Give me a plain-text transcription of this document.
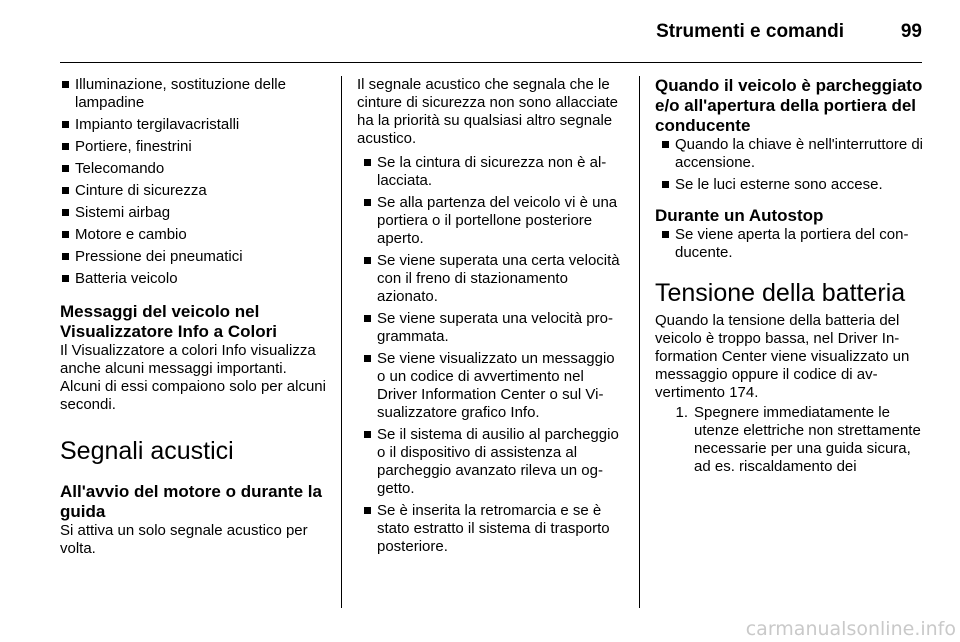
Strumenti e comandi	99
Illuminazione, sostituzione delle lampadine
Impianto tergilavacristalli
Portiere, finestrini
Telecomando
Cinture di sicurezza
Sistemi airbag
Motore e cambio
Pressione dei pneumatici
Batteria veicolo
Messaggi del veicolo nel Visualizzatore Info a Colori

Il Visualizzatore a colori Info visualizza anche alcuni messaggi importanti. Alcuni di essi compaiono solo per alcuni secondi.

Segnali acustici
All'avvio del motore o durante la guida

Si attiva un solo segnale acustico per volta.

Il segnale acustico che segnala che le cinture di sicurezza non sono allacciate ha la priorità su qualsiasi altro segnale acustico.

Se la cintura di sicurezza non è allacciata.
Se alla partenza del veicolo vi è una portiera o il portellone posteriore aperto.
Se viene superata una certa velocità con il freno di stazionamento azionato.
Se viene superata una velocità programmata.
Se viene visualizzato un messaggio o un codice di avvertimento nel Driver Information Center o sul Visualizzatore grafico Info.
Se il sistema di ausilio al parcheggio o il dispositivo di assistenza al parcheggio avanzato rileva un oggetto.
Se è inserita la retromarcia e se è stato estratto il sistema di trasporto posteriore.
Quando il veicolo è parcheggiato e/o all'apertura della portiera del conducente
Quando la chiave è nell'interruttore di accensione.
Se le luci esterne sono accese.
Durante un Autostop
Se viene aperta la portiera del conducente.
Tensione della batteria

Quando la tensione della batteria del veicolo è troppo bassa, nel Driver Information Center viene visualizzato un messaggio oppure il codice di avvertimento 174.

1. Spegnere immediatamente le utenze elettriche non strettamente necessarie per una guida sicura, ad es. riscaldamento dei
carmanualsonline.info
